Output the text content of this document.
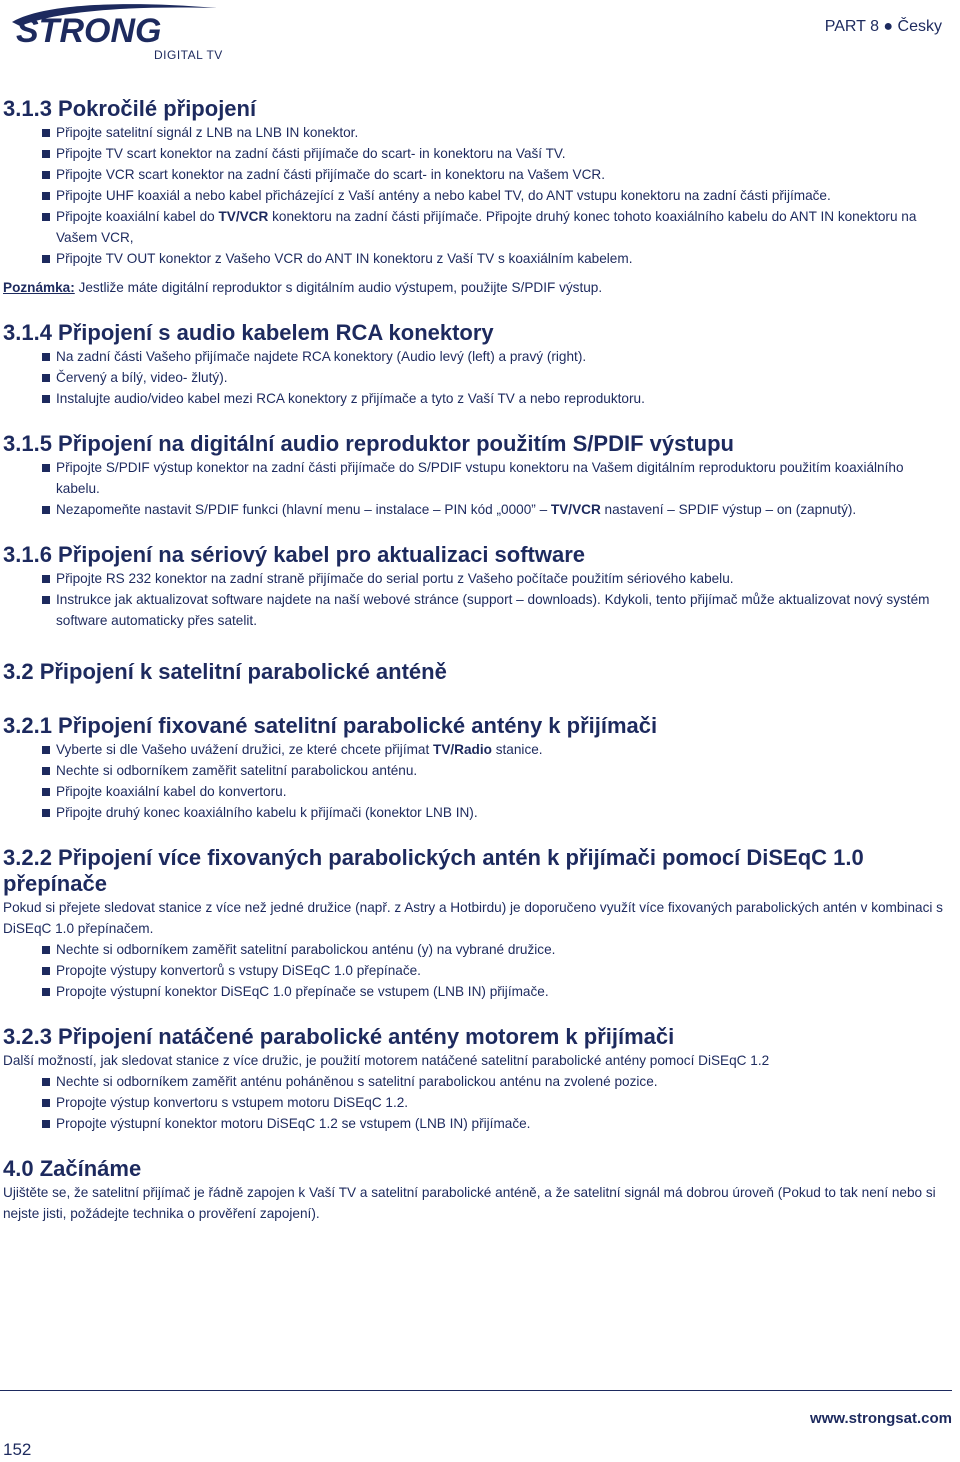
STRONG
DIGITAL TV
PART 8 ● Česky
3.1.3 Pokročilé připojení
Připojte satelitní signál z LNB na LNB IN konektor.
Připojte TV scart konektor na zadní části přijímače do scart- in konektoru na Vaší TV.
Připojte VCR scart konektor na zadní části přijímače do scart- in konektoru na Vašem VCR.
Připojte UHF koaxiál a nebo kabel přicházející z Vaší antény a nebo kabel TV, do ANT vstupu konektoru na zadní části přijímače.
Připojte koaxiální kabel do TV/VCR konektoru na zadní části přijímače. Připojte druhý konec tohoto koaxiálního kabelu do ANT IN konektoru na Vašem VCR,
Připojte TV OUT konektor z Vašeho VCR do ANT IN konektoru z Vaší TV s koaxiálním kabelem.
Poznámka: Jestliže máte digitální reproduktor s digitálním audio výstupem, použijte S/PDIF výstup.
3.1.4 Připojení s audio kabelem RCA konektory
Na zadní části Vašeho přijímače najdete RCA konektory (Audio levý (left) a pravý (right).
Červený a bílý, video- žlutý).
Instalujte audio/video kabel mezi RCA konektory z přijímače a tyto z Vaší TV a nebo reproduktoru.
3.1.5 Připojení na digitální audio reproduktor použitím S/PDIF výstupu
Připojte S/PDIF výstup konektor na zadní části přijímače do S/PDIF vstupu konektoru na Vašem digitálním reproduktoru použitím koaxiálního kabelu.
Nezapomeňte nastavit S/PDIF funkci (hlavní menu – instalace – PIN kód „0000” – TV/VCR nastavení – SPDIF výstup – on (zapnutý).
3.1.6 Připojení na sériový kabel pro aktualizaci software
Připojte RS 232 konektor na zadní straně přijímače do serial portu z Vašeho počítače použitím sériového kabelu.
Instrukce jak aktualizovat software najdete na naší webové stránce (support – downloads). Kdykoli, tento přijímač může aktualizovat nový systém software automaticky přes satelit.
3.2 Připojení k satelitní parabolické anténě
3.2.1 Připojení fixované satelitní parabolické antény k přijímači
Vyberte si dle Vašeho uvážení družici, ze které chcete přijímat TV/Radio stanice.
Nechte si odborníkem zaměřit satelitní parabolickou anténu.
Připojte koaxiální kabel do konvertoru.
Připojte druhý konec koaxiálního kabelu k přijímači (konektor LNB IN).
3.2.2 Připojení více fixovaných parabolických antén k přijímači pomocí DiSEqC 1.0 přepínače
Pokud si přejete sledovat stanice z více než jedné družice (např. z Astry a Hotbirdu) je doporučeno využít více fixovaných parabolických antén v kombinaci s DiSEqC 1.0 přepínačem.
Nechte si odborníkem zaměřit satelitní parabolickou anténu (y) na vybrané družice.
Propojte výstupy konvertorů s vstupy DiSEqC 1.0 přepínače.
Propojte výstupní konektor DiSEqC 1.0 přepínače se vstupem (LNB IN) přijímače.
3.2.3 Připojení natáčené parabolické antény motorem k přijímači
Další možností, jak sledovat stanice z více družic, je použití motorem natáčené satelitní parabolické antény pomocí DiSEqC 1.2
Nechte si odborníkem zaměřit anténu poháněnou s satelitní parabolickou anténu na zvolené pozice.
Propojte výstup konvertoru s vstupem motoru DiSEqC 1.2.
Propojte výstupní konektor motoru DiSEqC 1.2 se vstupem (LNB IN) přijímače.
4.0 Začínáme
Ujištěte se, že satelitní přijímač je řádně zapojen k Vaší TV a satelitní parabolické anténě, a že satelitní signál má dobrou úroveň (Pokud to tak není nebo si nejste jisti, požádejte technika o prověření zapojení).
www.strongsat.com
152
